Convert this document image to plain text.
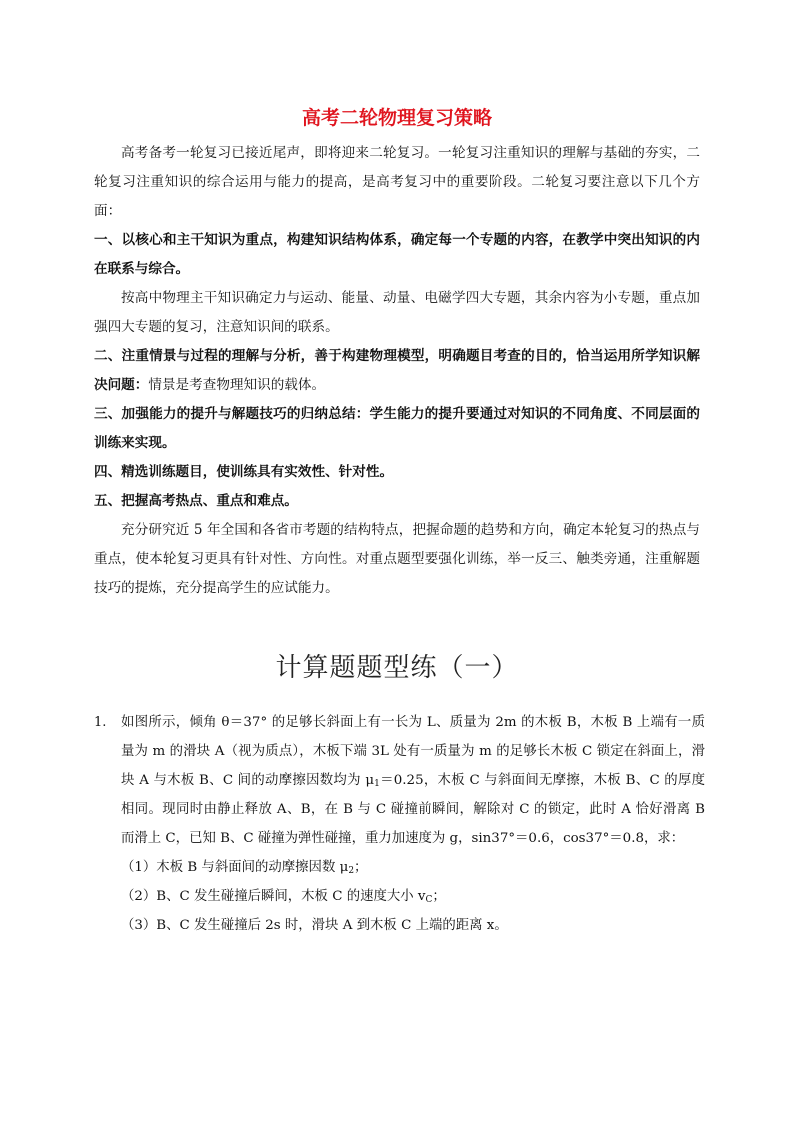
高考二轮物理复习策略

高考备考一轮复习已接近尾声，即将迎来二轮复习。一轮复习注重知识的理解与基础的夯实，二轮复习注重知识的综合运用与能力的提高，是高考复习中的重要阶段。二轮复习要注意以下几个方面：

一、以核心和主干知识为重点，构建知识结构体系，确定每一个专题的内容，在教学中突出知识的内在联系与综合。

按高中物理主干知识确定力与运动、能量、动量、电磁学四大专题，其余内容为小专题，重点加强四大专题的复习，注意知识间的联系。

二、注重情景与过程的理解与分析，善于构建物理模型，明确题目考查的目的，恰当运用所学知识解决问题：情景是考查物理知识的载体。

三、加强能力的提升与解题技巧的归纳总结：学生能力的提升要通过对知识的不同角度、不同层面的训练来实现。

四、精选训练题目，使训练具有实效性、针对性。

五、把握高考热点、重点和难点。

充分研究近 5 年全国和各省市考题的结构特点，把握命题的趋势和方向，确定本轮复习的热点与重点，使本轮复习更具有针对性、方向性。对重点题型要强化训练，举一反三、触类旁通，注重解题技巧的提炼，充分提高学生的应试能力。

计算题题型练（一）
1. 如图所示，倾角 θ＝37° 的足够长斜面上有一长为 L、质量为 2m 的木板 B，木板 B 上端有一质量为 m 的滑块 A（视为质点），木板下端 3L 处有一质量为 m 的足够长木板 C 锁定在斜面上，滑块 A 与木板 B、C 间的动摩擦因数均为 $\mu_1=0.25$，木板 C 与斜面间无摩擦，木板 B、C 的厚度相同。现同时由静止释放 A、B，在 B 与 C 碰撞前瞬间，解除对 C 的锁定，此时 A 恰好滑离 B 而滑上 C，已知 B、C 碰撞为弹性碰撞，重力加速度为 g，sin37°＝0.6，cos37°＝0.8，求：

（1）木板 B 与斜面间的动摩擦因数 $\mu_2$；

（2）B、C 发生碰撞后瞬间，木板 C 的速度大小 $v_C$；

（3）B、C 发生碰撞后 2s 时，滑块 A 到木板 C 上端的距离 x。
